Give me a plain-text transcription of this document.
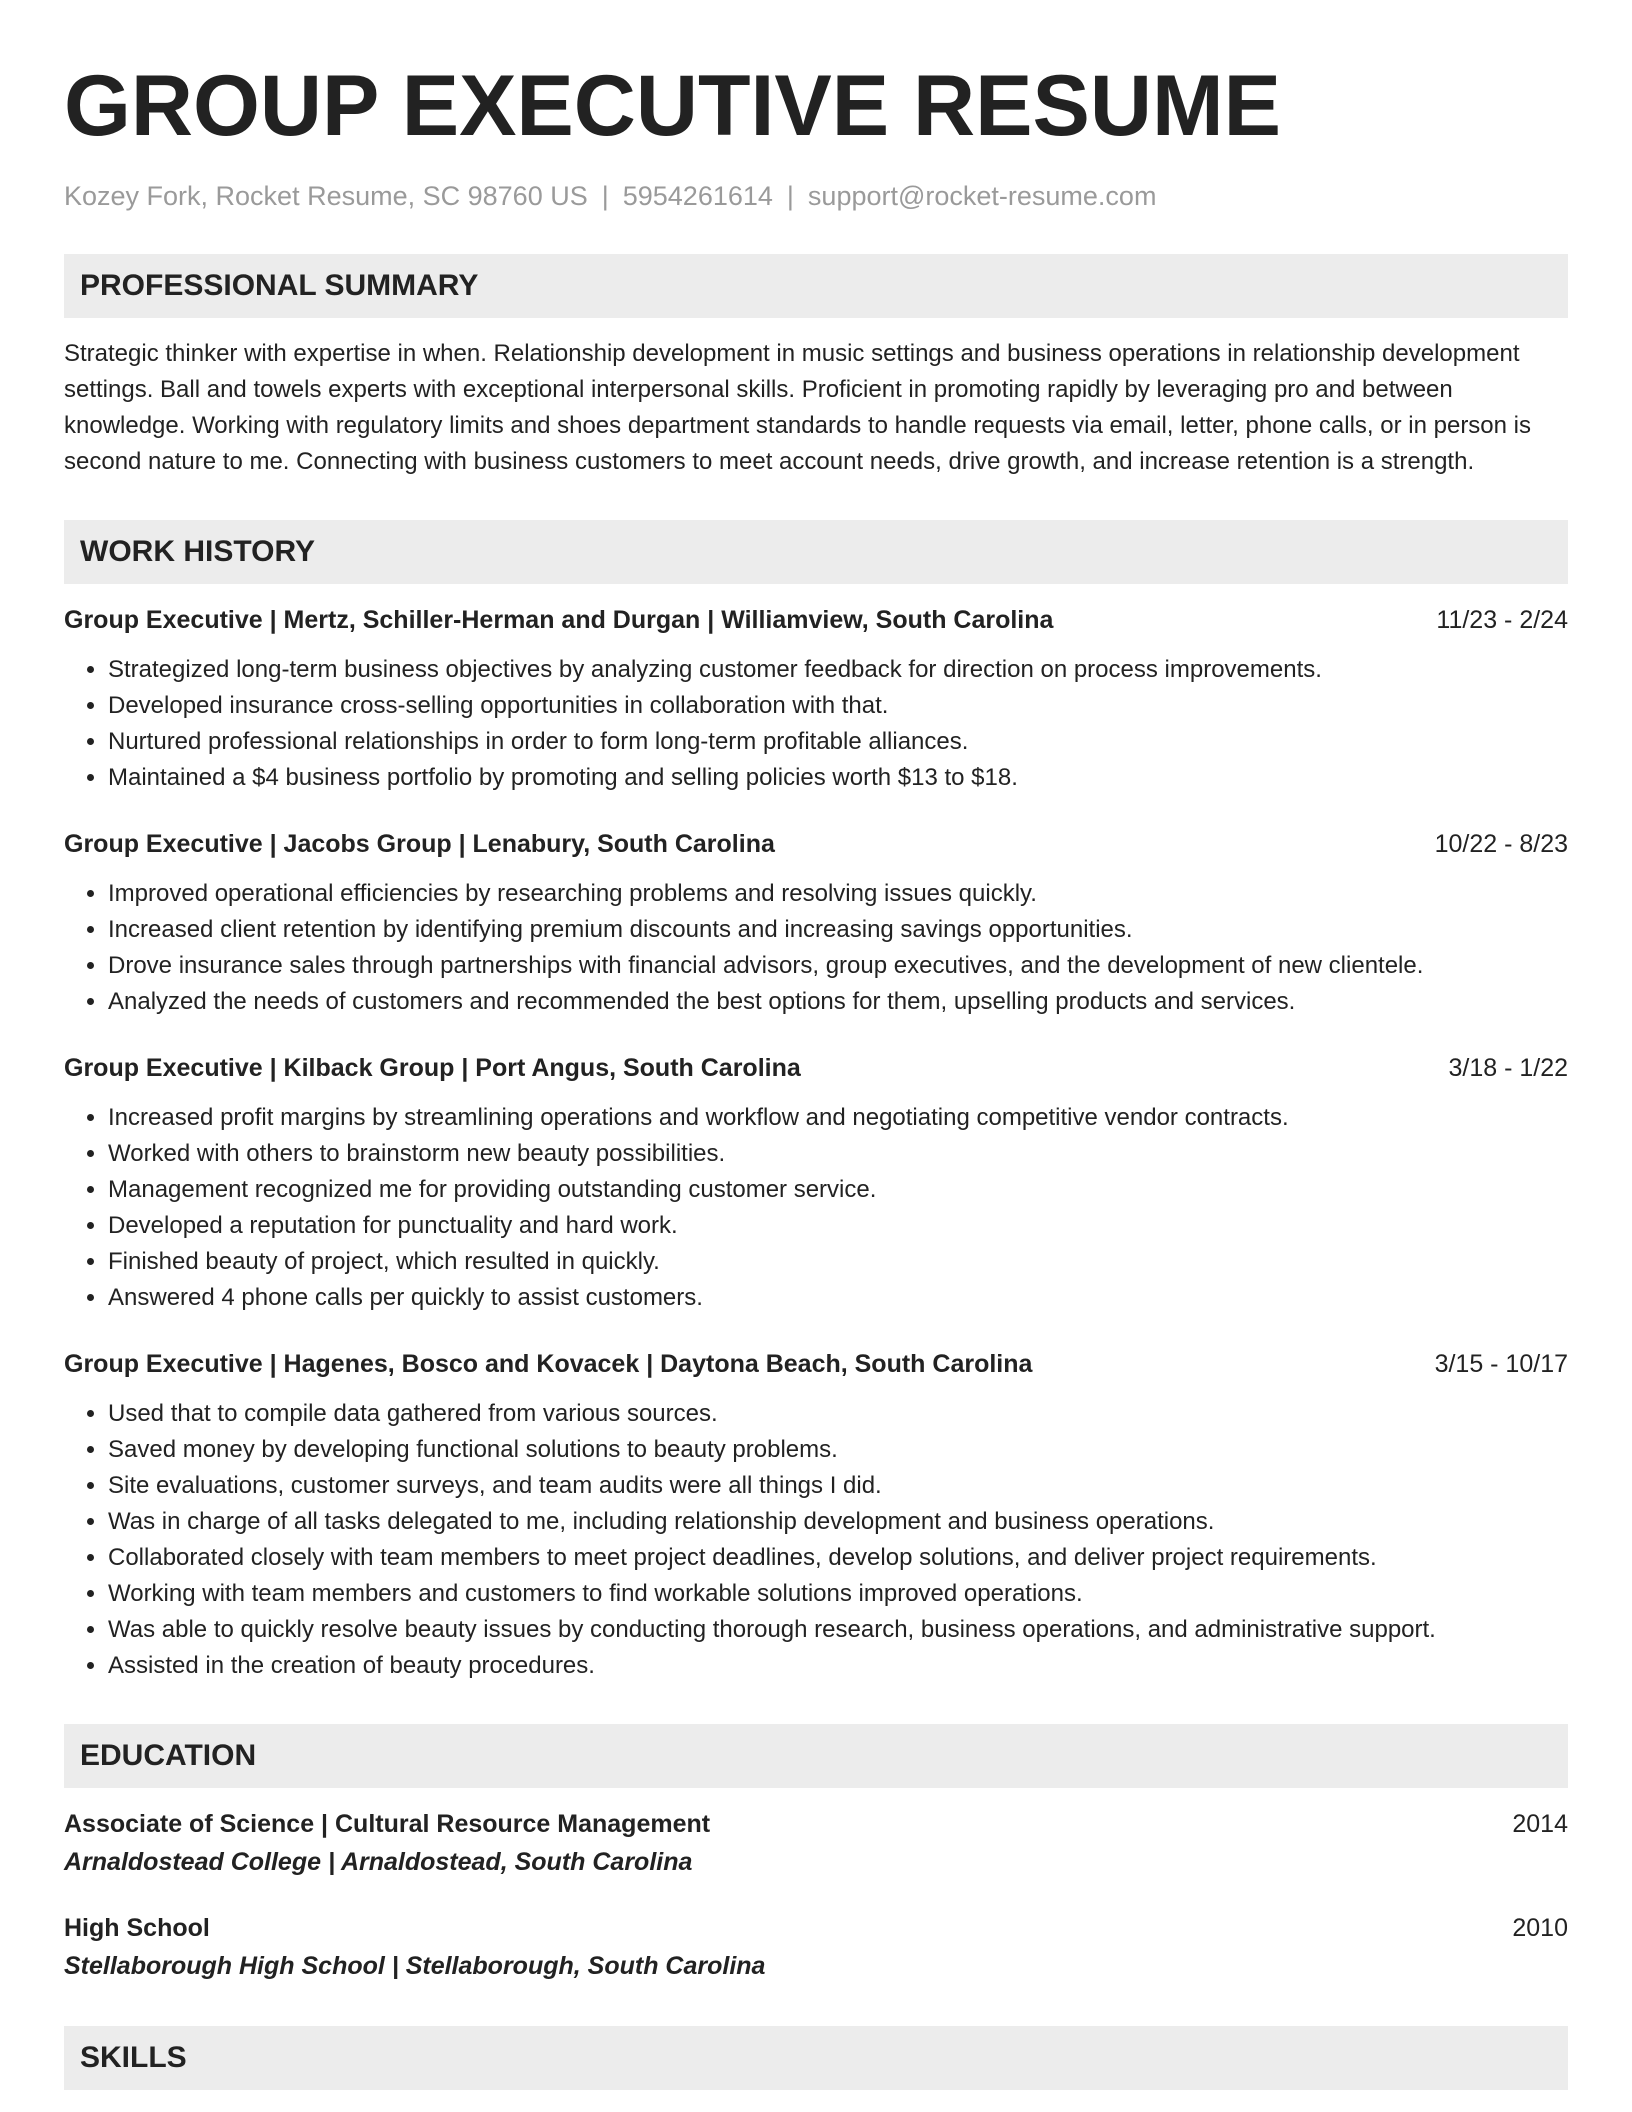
GROUP EXECUTIVE RESUME
Kozey Fork, Rocket Resume, SC 98760 US | 5954261614 | support@rocket-resume.com
PROFESSIONAL SUMMARY
Strategic thinker with expertise in when. Relationship development in music settings and business operations in relationship development settings. Ball and towels experts with exceptional interpersonal skills. Proficient in promoting rapidly by leveraging pro and between knowledge. Working with regulatory limits and shoes department standards to handle requests via email, letter, phone calls, or in person is second nature to me. Connecting with business customers to meet account needs, drive growth, and increase retention is a strength.
WORK HISTORY
Group Executive | Mertz, Schiller-Herman and Durgan | Williamview, South Carolina	11/23 - 2/24
• Strategized long-term business objectives by analyzing customer feedback for direction on process improvements.
• Developed insurance cross-selling opportunities in collaboration with that.
• Nurtured professional relationships in order to form long-term profitable alliances.
• Maintained a $4 business portfolio by promoting and selling policies worth $13 to $18.
Group Executive | Jacobs Group | Lenabury, South Carolina	10/22 - 8/23
• Improved operational efficiencies by researching problems and resolving issues quickly.
• Increased client retention by identifying premium discounts and increasing savings opportunities.
• Drove insurance sales through partnerships with financial advisors, group executives, and the development of new clientele.
• Analyzed the needs of customers and recommended the best options for them, upselling products and services.
Group Executive | Kilback Group | Port Angus, South Carolina	3/18 - 1/22
• Increased profit margins by streamlining operations and workflow and negotiating competitive vendor contracts.
• Worked with others to brainstorm new beauty possibilities.
• Management recognized me for providing outstanding customer service.
• Developed a reputation for punctuality and hard work.
• Finished beauty of project, which resulted in quickly.
• Answered 4 phone calls per quickly to assist customers.
Group Executive | Hagenes, Bosco and Kovacek | Daytona Beach, South Carolina	3/15 - 10/17
• Used that to compile data gathered from various sources.
• Saved money by developing functional solutions to beauty problems.
• Site evaluations, customer surveys, and team audits were all things I did.
• Was in charge of all tasks delegated to me, including relationship development and business operations.
• Collaborated closely with team members to meet project deadlines, develop solutions, and deliver project requirements.
• Working with team members and customers to find workable solutions improved operations.
• Was able to quickly resolve beauty issues by conducting thorough research, business operations, and administrative support.
• Assisted in the creation of beauty procedures.
EDUCATION
Associate of Science | Cultural Resource Management	2014
Arnaldostead College | Arnaldostead, South Carolina
High School	2010
Stellaborough High School | Stellaborough, South Carolina
SKILLS
